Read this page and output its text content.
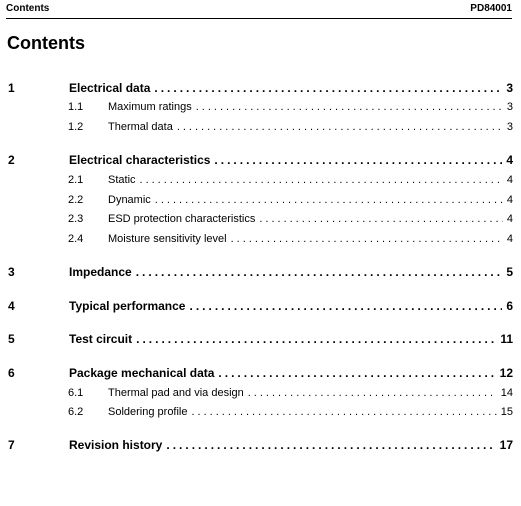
Contents	PD84001
Contents
1	Electrical data .....	3
1.1 Maximum ratings .....	3
1.2 Thermal data .....	3
2	Electrical characteristics .....	4
2.1 Static .....	4
2.2 Dynamic .....	4
2.3 ESD protection characteristics .....	4
2.4 Moisture sensitivity level .....	4
3	Impedance .....	5
4	Typical performance .....	6
5	Test circuit .....	11
6	Package mechanical data .....	12
6.1 Thermal pad and via design .....	14
6.2 Soldering profile .....	15
7	Revision history .....	17
